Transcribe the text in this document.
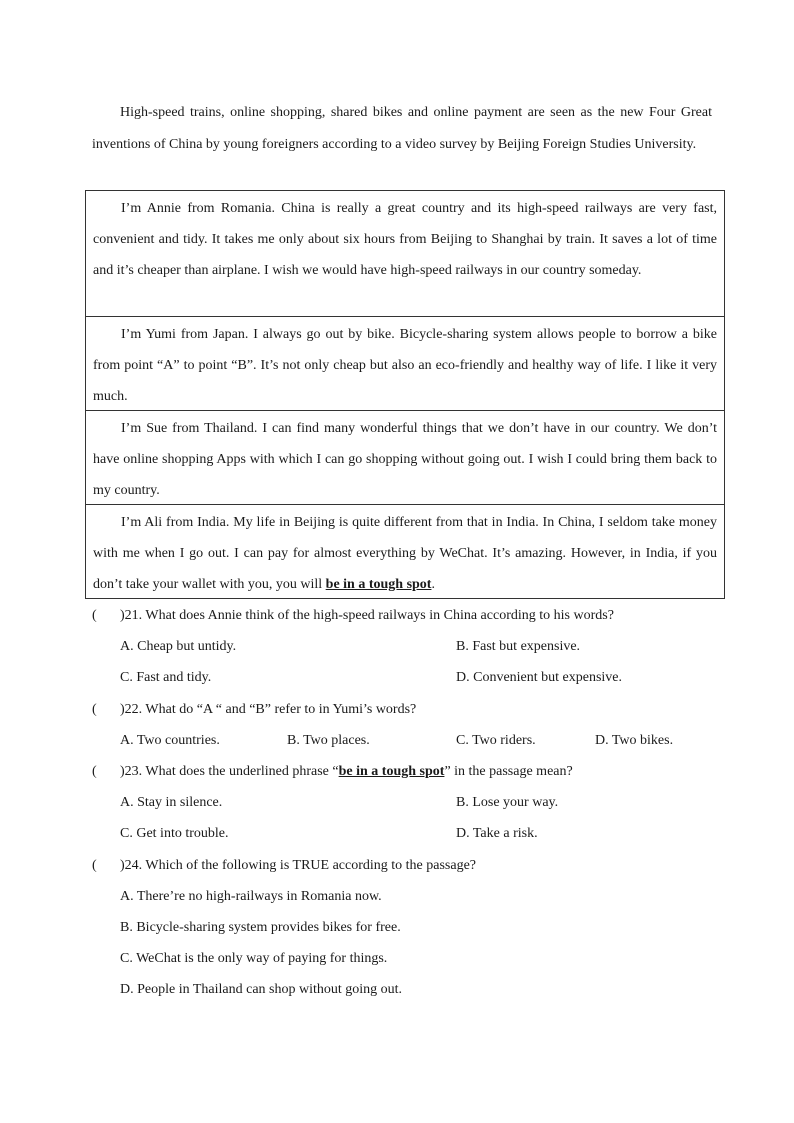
High-speed trains, online shopping, shared bikes and online payment are seen as the new Four Great inventions of China by young foreigners according to a video survey by Beijing Foreign Studies University.
I’m Annie from Romania. China is really a great country and its high-speed railways are very fast, convenient and tidy. It takes me only about six hours from Beijing to Shanghai by train. It saves a lot of time and it’s cheaper than airplane. I wish we would have high-speed railways in our country someday.
I’m Yumi from Japan. I always go out by bike. Bicycle-sharing system allows people to borrow a bike from point “A” to point “B”. It’s not only cheap but also an eco-friendly and healthy way of life. I like it very much.
I’m Sue from Thailand. I can find many wonderful things that we don’t have in our country. We don’t have online shopping Apps with which I can go shopping without going out. I wish I could bring them back to my country.
I’m Ali from India. My life in Beijing is quite different from that in India. In China, I seldom take money with me when I go out. I can pay for almost everything by WeChat. It’s amazing. However, in India, if you don’t take your wallet with you, you will be in a tough spot.
( )21. What does Annie think of the high-speed railways in China according to his words?
A. Cheap but untidy.	B. Fast but expensive.
C. Fast and tidy.	D. Convenient but expensive.
( )22. What do “A “ and “B” refer to in Yumi’s words?
A. Two countries.	B. Two places.	C. Two riders.	D. Two bikes.
( )23. What does the underlined phrase “be in a tough spot” in the passage mean?
A. Stay in silence.	B. Lose your way.
C. Get into trouble.	D. Take a risk.
( )24. Which of the following is TRUE according to the passage?
A. There’re no high-railways in Romania now.
B. Bicycle-sharing system provides bikes for free.
C. WeChat is the only way of paying for things.
D. People in Thailand can shop without going out.
